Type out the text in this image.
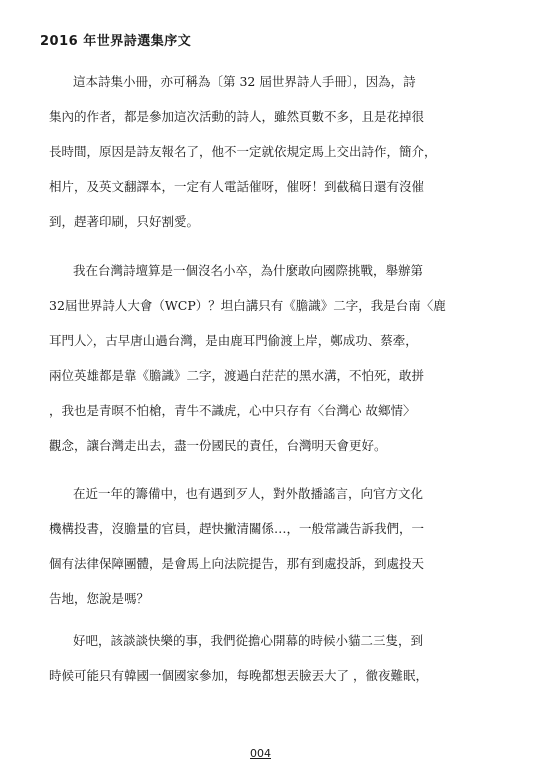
2016 年世界詩選集序文
這本詩集小冊，亦可稱為〔第 32 屆世界詩人手冊〕，因為，詩
集內的作者，都是參加這次活動的詩人，雖然頁數不多，且是花掉很
長時間，原因是詩友報名了，他不一定就依規定馬上交出詩作，簡介，
相片，及英文翻譯本，一定有人電話催呀，催呀！到截稿日還有沒催
到，趕著印刷，只好割愛。
我在台灣詩壇算是一個沒名小卒，為什麼敢向國際挑戰，舉辦第
32屆世界詩人大會（WCP）？坦白講只有《膽識》二字，我是台南〈鹿
耳門人〉，古早唐山過台灣，是由鹿耳門偷渡上岸，鄭成功、蔡牽，
兩位英雄都是靠《膽識》二字，渡過白茫茫的黑水溝，不怕死，敢拼
，我也是青暝不怕槍，青牛不識虎，心中只存有〈台灣心 故鄉情〉
觀念，讓台灣走出去，盡一份國民的責任，台灣明天會更好。
在近一年的籌備中，也有遇到歹人，對外散播謠言，向官方文化
機構投書，沒膽量的官員，趕快撇清關係…，一般常識告訴我們，一
個有法律保障團體，是會馬上向法院提告，那有到處投訴，到處投天
告地，您說是嗎？
好吧，該談談快樂的事，我們從擔心開幕的時候小貓二三隻，到
時候可能只有韓國一個國家參加，每晚都想丟臉丟大了 ，徹夜難眠，
004
